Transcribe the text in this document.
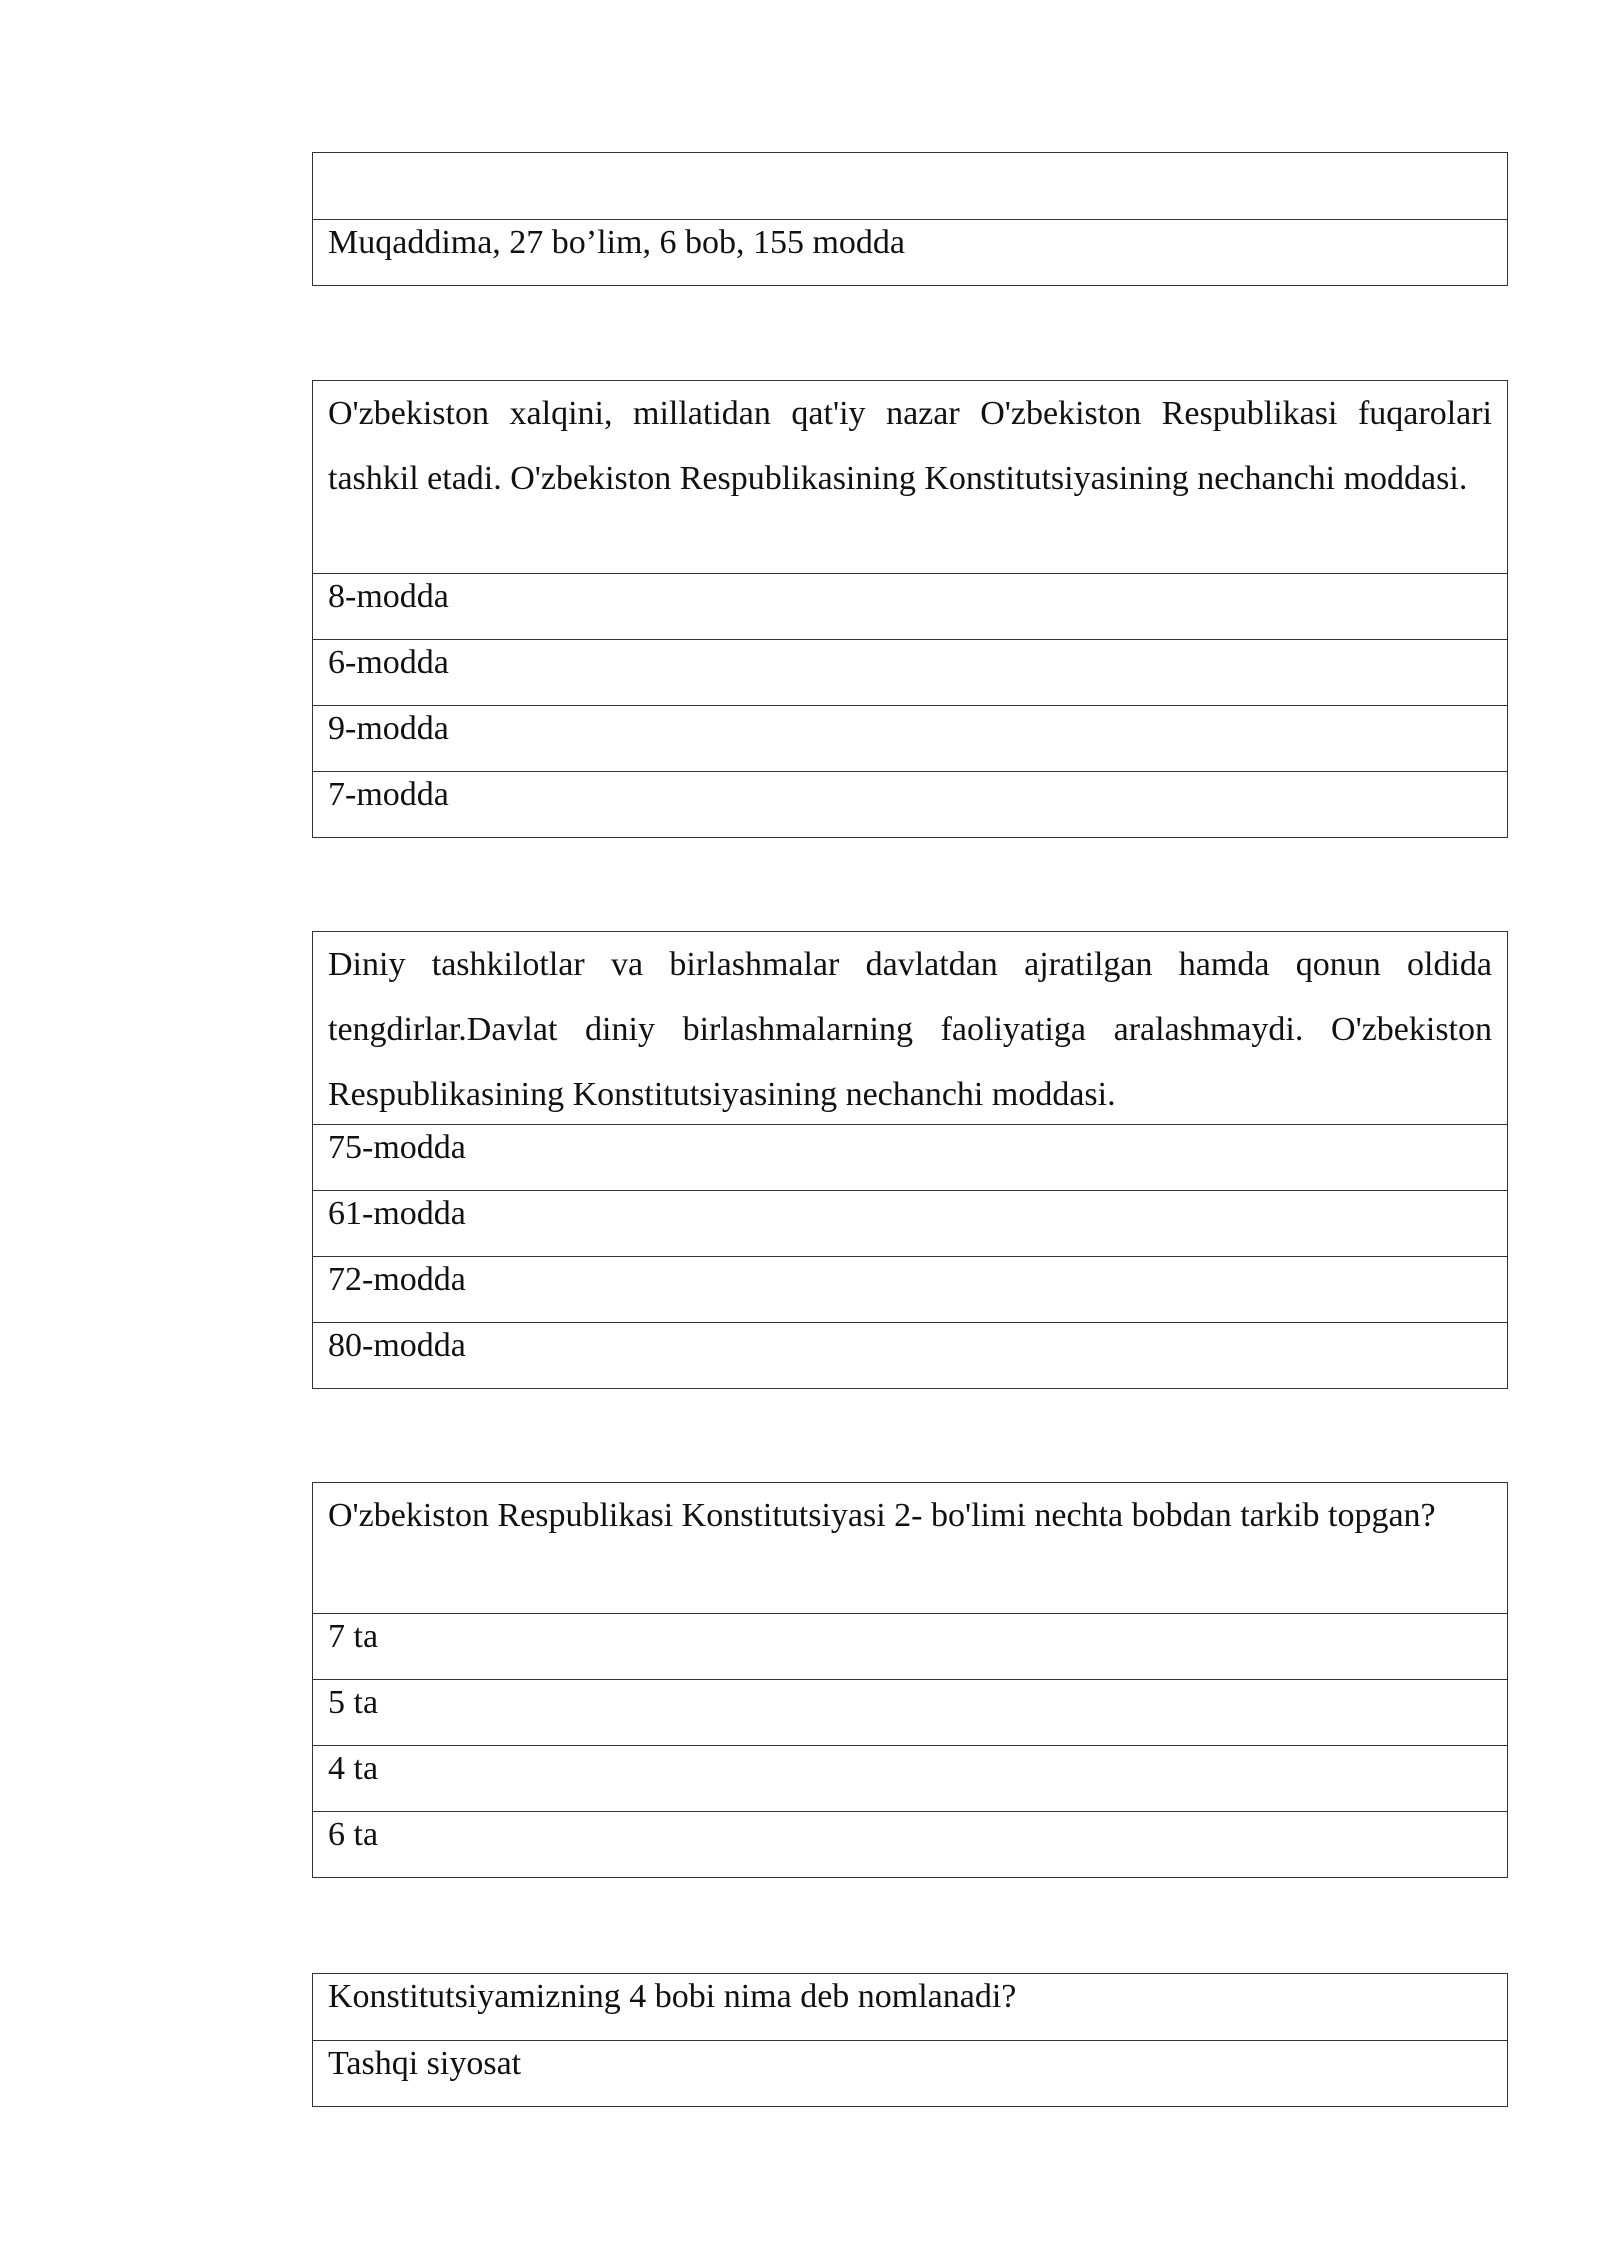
Muqaddima, 27 bo’lim, 6 bob, 155 modda
O'zbekiston xalqini, millatidan qat'iy nazar O'zbekiston Respublikasi fuqarolari tashkil etadi. O'zbekiston Respublikasining Konstitutsiyasining nechanchi moddasi.
8-modda
6-modda
9-modda
7-modda
Diniy tashkilotlar va birlashmalar davlatdan ajratilgan hamda qonun oldida tengdirlar.Davlat diniy birlashmalarning faoliyatiga aralashmaydi. O'zbekiston Respublikasining Konstitutsiyasining nechanchi moddasi.
75-modda
61-modda
72-modda
80-modda
O'zbekiston Respublikasi Konstitutsiyasi 2- bo'limi nechta bobdan tarkib topgan?
7 ta
5 ta
4 ta
6 ta
Konstitutsiyamizning 4 bobi nima deb nomlanadi?
Tashqi siyosat
